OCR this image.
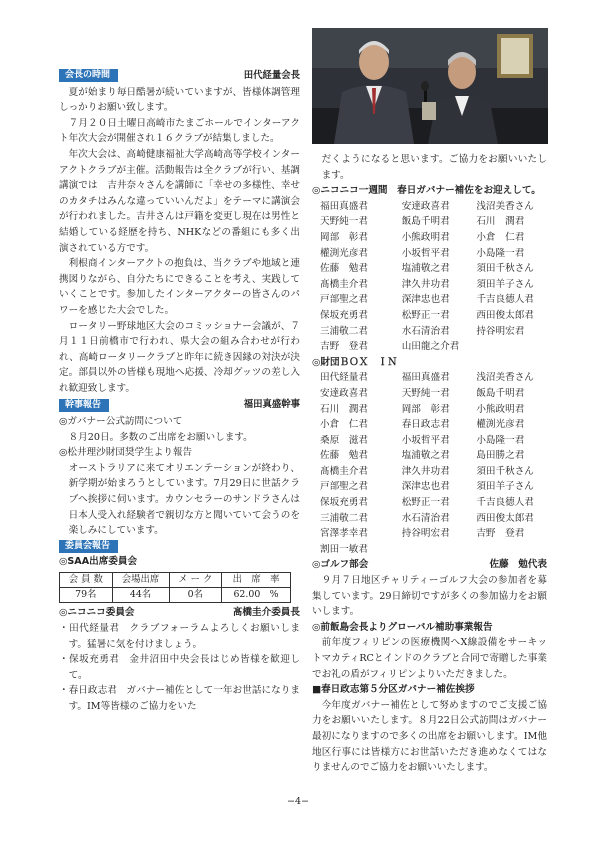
会長の時間	田代経量会長

夏が始まり毎日酷暑が続いていますが、皆様体調管理しっかりお願い致します。

７月２０日土曜日高崎市たまごホールでインターアクト年次大会が開催され１６クラブが結集しました。

年次大会は、高崎健康福祉大学高崎高等学校インターアクトクラブが主催。活動報告は全クラブが行い、基調講演では　吉井奈々さんを講師に「幸せの多様性、幸せのカタチはみんな違っていいんだよ」をテーマに講演会が行われました。吉井さんは戸籍を変更し現在は男性と結婚している経歴を持ち、NHKなどの番組にも多く出演されている方です。

利根商インターアクトの抱負は、当クラブや地域と連携図りながら、自分たちにできることを考え、実践していくことです。参加したインターアクターの皆さんのパワーを感じた大会でした。

ロータリー野球地区大会のコミッショナー会議が、７月１１日前橋市で行われ、県大会の組み合わせが行われ、高崎ロータリークラブと昨年に続き因縁の対決が決定。部員以外の皆様も現地へ応援、冷却グッツの差し入れ歓迎致します。

幹事報告	福田真盛幹事

◎ガバナー公式訪問について

８月20日。多数のご出席をお願いします。

◎松井理沙財団奨学生より報告

オーストラリアに来てオリエンテーションが終わり、新学期が始まろうとしています。7月29日に世話クラブへ挨拶に伺います。カウンセラーのサンドラさんは日本人受入れ経験者で親切な方と聞いていて会うのを楽しみにしています。

委員会報告

◎SAA出席委員会

会 員 数	会場出席	メ ー ク	出　席　率
79名	44名	0名	62.00　%
◎ニコニコ委員会	髙橋圭介委員長

・田代経量君　クラブフォーラムよろしくお願いします。猛暑に気を付けましょう。

・保坂充勇君　金井沼田中央会長はじめ皆様を歓迎して。

・春日政志君　ガバナー補佐として一年お世話になります。IM等皆様のご協力をいた

だくようになると思います。ご協力をお願いいたします。

◎ニコニコ一週間　春日ガバナー補佐をお迎えして。

福田真盛君	安達政喜君	浅沼美香さん
天野純一君	飯島千明君	石川　潤君
岡部　彰君	小熊政明君	小倉　仁君
權渕光彦君	小坂哲平君	小島隆一君
佐藤　勉君	塩浦敬之君	須田千秋さん
髙橋圭介君	津久井功君	須田羊子さん
戸部聖之君	深津忠也君	千吉良德人君
保坂充勇君	松野正一君	西田俊太郎君
三浦敬二君	水石清治君	持谷明宏君
吉野　登君	山田龍之介君

◎財団ＢＯＸ　ＩＮ

田代経量君	福田真盛君	浅沼美香さん
安達政喜君	天野純一君	飯島千明君
石川　潤君	岡部　彰君	小熊政明君
小倉　仁君	春日政志君	權渕光彦君
桑原　滋君	小坂哲平君	小島隆一君
佐藤　勉君	塩浦敬之君	島田勝之君
髙橋圭介君	津久井功君	須田千秋さん
戸部聖之君	深津忠也君	須田羊子さん
保坂充勇君	松野正一君	千吉良德人君
三浦敬二君	水石清治君	西田俊太郎君
宮澤孝幸君	持谷明宏君	吉野　登君
割田一敏君
◎ゴルフ部会	佐藤　勉代表

９月７日地区チャリティーゴルフ大会の参加者を募集しています。29日締切ですが多くの参加協力をお願いします。

◎前飯島会長よりグローバル補助事業報告

前年度フィリピンの医療機関へX線設備をサーキットマカティRCとインドのクラブと合同で寄贈した事業でお礼の盾がフィリピンよりいただきました。

■春日政志第５分区ガバナー補佐挨拶

今年度ガバナー補佐として努めますのでご支援ご協力をお願いいたします。８月22日公式訪問はガバナー最初になりますので多くの出席をお願いします。IM他地区行事には皆様方にお世話いただき進めなくてはなりませんのでご協力をお願いいたします。

−4−
